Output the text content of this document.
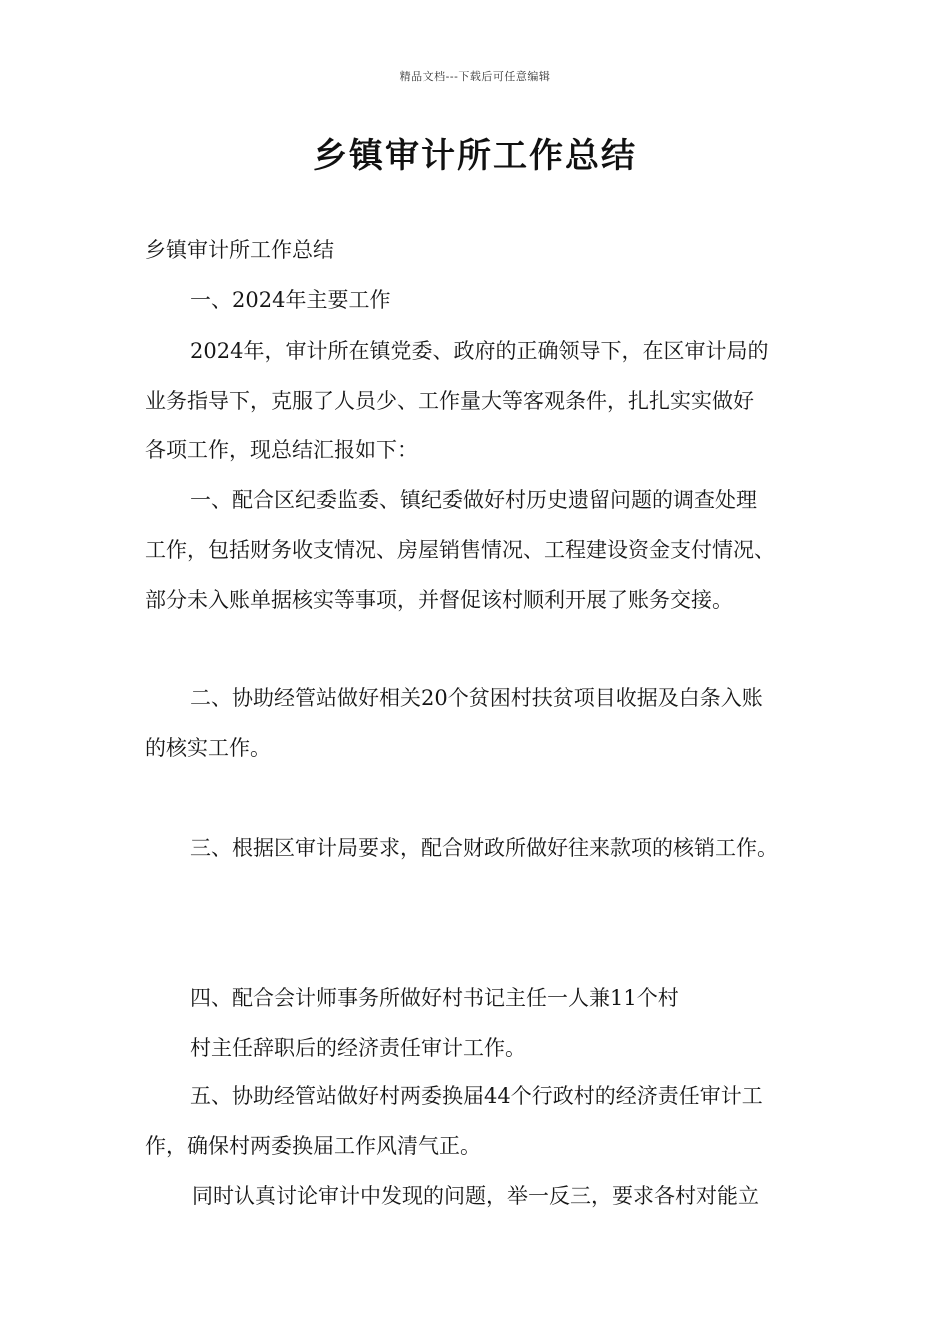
精品文档---下载后可任意编辑
乡镇审计所工作总结
乡镇审计所工作总结
一、2024年主要工作
2024年，审计所在镇党委、政府的正确领导下，在区审计局的
业务指导下，克服了人员少、工作量大等客观条件，扎扎实实做好
各项工作，现总结汇报如下：
一、配合区纪委监委、镇纪委做好村历史遗留问题的调查处理
工作，包括财务收支情况、房屋销售情况、工程建设资金支付情况、
部分未入账单据核实等事项，并督促该村顺利开展了账务交接。
二、协助经管站做好相关20个贫困村扶贫项目收据及白条入账
的核实工作。
三、根据区审计局要求，配合财政所做好往来款项的核销工作。
四、配合会计师事务所做好村书记主任一人兼11个村
村主任辞职后的经济责任审计工作。
五、协助经管站做好村两委换届44个行政村的经济责任审计工
作，确保村两委换届工作风清气正。
同时认真讨论审计中发现的问题，举一反三，要求各村对能立
